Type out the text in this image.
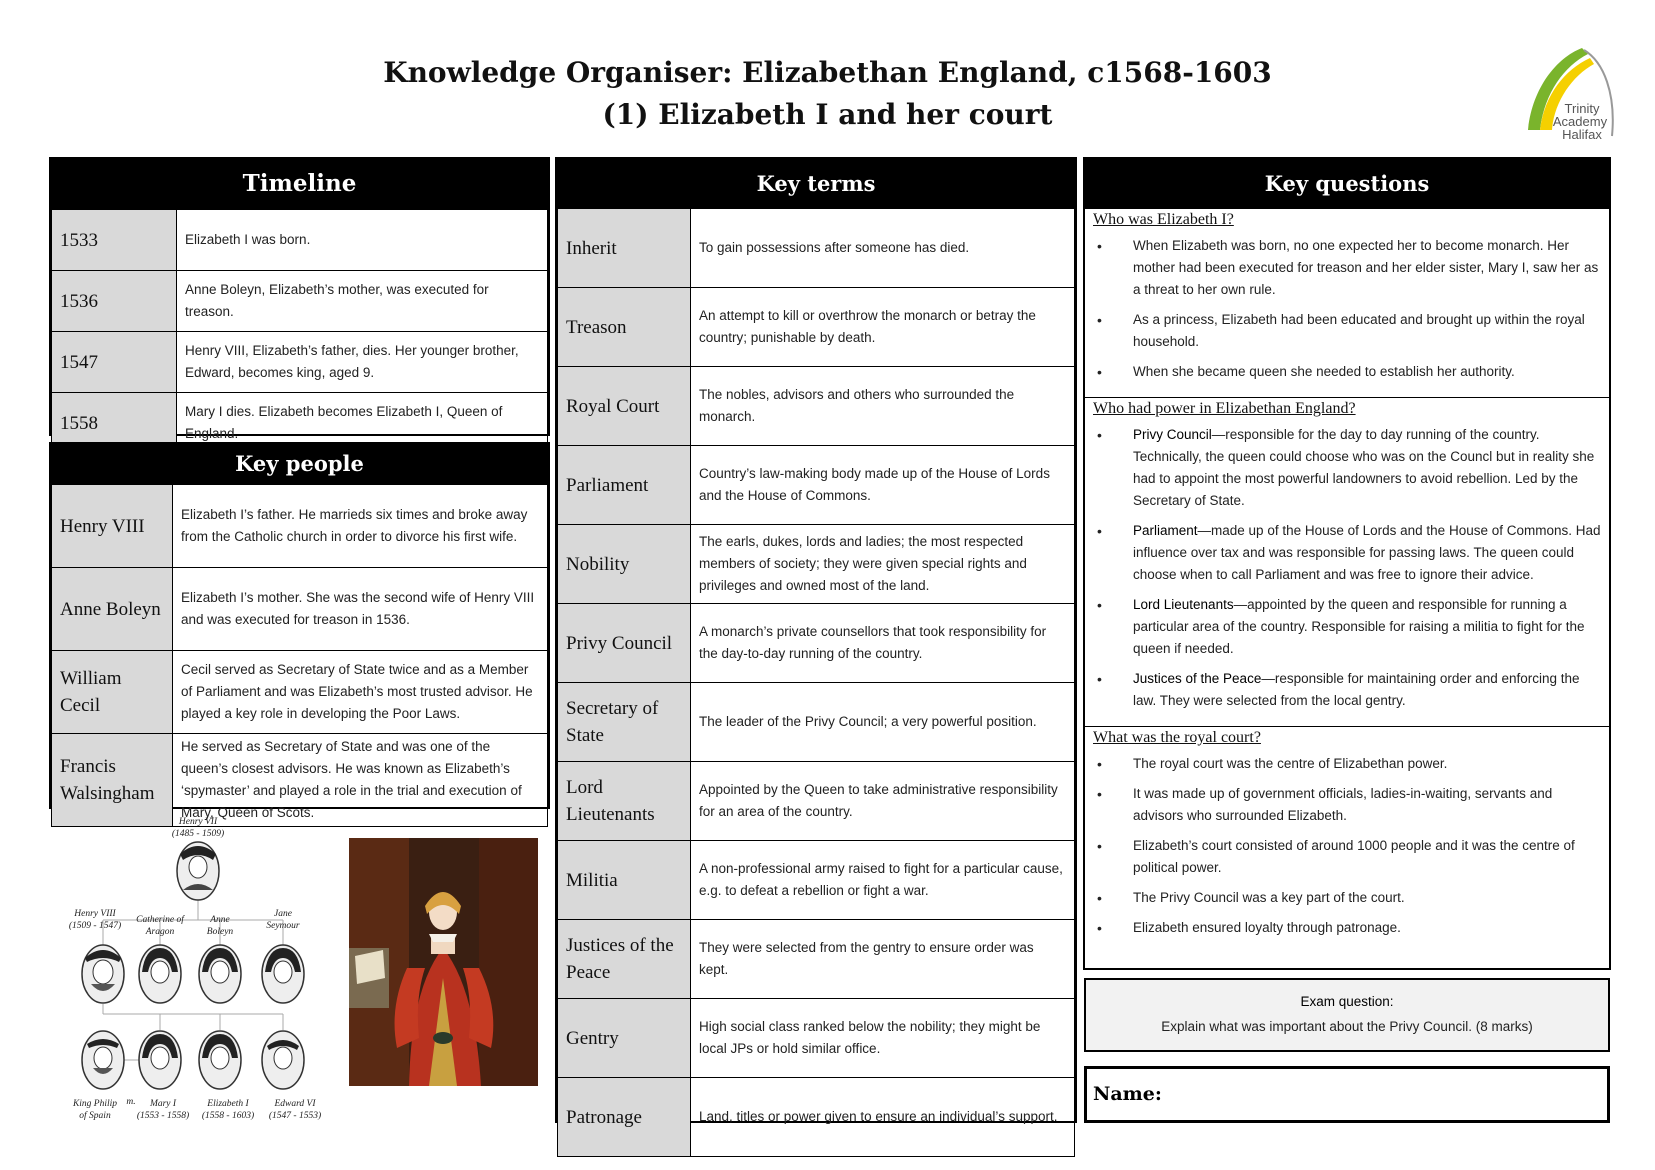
Knowledge Organiser: Elizabethan England, c1568-1603
(1) Elizabeth I and her court	Trinity
Academy
Halifax
Timeline
1533	Elizabeth I was born.
1536	Anne Boleyn, Elizabeth’s mother, was executed for treason.
1547	Henry VIII, Elizabeth’s father, dies. Her younger brother, Edward, becomes king, aged 9.
1558	Mary I dies. Elizabeth becomes Elizabeth I, Queen of England.
Key people
Henry VIII	Elizabeth I’s father. He marrieds six times and broke away from the Catholic church in order to divorce his first wife.
Anne Boleyn	Elizabeth I’s mother. She was the second wife of Henry VIII and was executed for treason in 1536.
William Cecil	Cecil served as Secretary of State twice and as a Member of Parliament and was Elizabeth’s most trusted advisor. He played a key role in developing the Poor Laws.
Francis Walsingham	He served as Secretary of State and was one of the queen’s closest advisors. He was known as Elizabeth’s ‘spymaster’ and played a role in the trial and execution of Mary, Queen of Scots.
Henry VII
(1485 - 1509)
Henry VIII
(1509 - 1547)
Catherine of
Aragon
Anne
Boleyn
Jane
Seymour
King Philip
of Spain
m. Mary I
(1553 - 1558)
Elizabeth I
(1558 - 1603)
Edward VI
(1547 - 1553)
Key terms
Inherit	To gain possessions after someone has died.
Treason	An attempt to kill or overthrow the monarch or betray the country; punishable by death.
Royal Court	The nobles, advisors and others who surrounded the monarch.
Parliament	Country’s law-making body made up of the House of Lords and the House of Commons.
Nobility	The earls, dukes, lords and ladies; the most respected members of society; they were given special rights and privileges and owned most of the land.
Privy Council	A monarch’s private counsellors that took responsibility for the day-to-day running of the country.
Secretary of State	The leader of the Privy Council; a very powerful position.
Lord Lieutenants	Appointed by the Queen to take administrative responsibility for an area of the country.
Militia	A non-professional army raised to fight for a particular cause, e.g. to defeat a rebellion or fight a war.
Justices of the Peace	They were selected from the gentry to ensure order was kept.
Gentry	High social class ranked below the nobility; they might be local JPs or hold similar office.
Patronage	Land, titles or power given to ensure an individual’s support.
Key questions
Who was Elizabeth I?
• When Elizabeth was born, no one expected her to become monarch. Her mother had been executed for treason and her elder sister, Mary I, saw her as a threat to her own rule.
• As a princess, Elizabeth had been educated and brought up within the royal household.
• When she became queen she needed to establish her authority.
Who had power in Elizabethan England?
• Privy Council—responsible for the day to day running of the country. Technically, the queen could choose who was on the Councl but in reality she had to appoint the most powerful landowners to avoid rebellion. Led by the Secretary of State.
• Parliament—made up of the House of Lords and the House of Commons. Had influence over tax and was responsible for passing laws. The queen could choose when to call Parliament and was free to ignore their advice.
• Lord Lieutenants—appointed by the queen and responsible for running a particular area of the country. Responsible for raising a militia to fight for the queen if needed.
• Justices of the Peace—responsible for maintaining order and enforcing the law. They were selected from the local gentry.
What was the royal court?
• The royal court was the centre of Elizabethan power.
• It was made up of government officials, ladies-in-waiting, servants and advisors who surrounded Elizabeth.
• Elizabeth’s court consisted of around 1000 people and it was the centre of political power.
• The Privy Council was a key part of the court.
• Elizabeth ensured loyalty through patronage.
Exam question:
Explain what was important about the Privy Council. (8 marks)
Name:
